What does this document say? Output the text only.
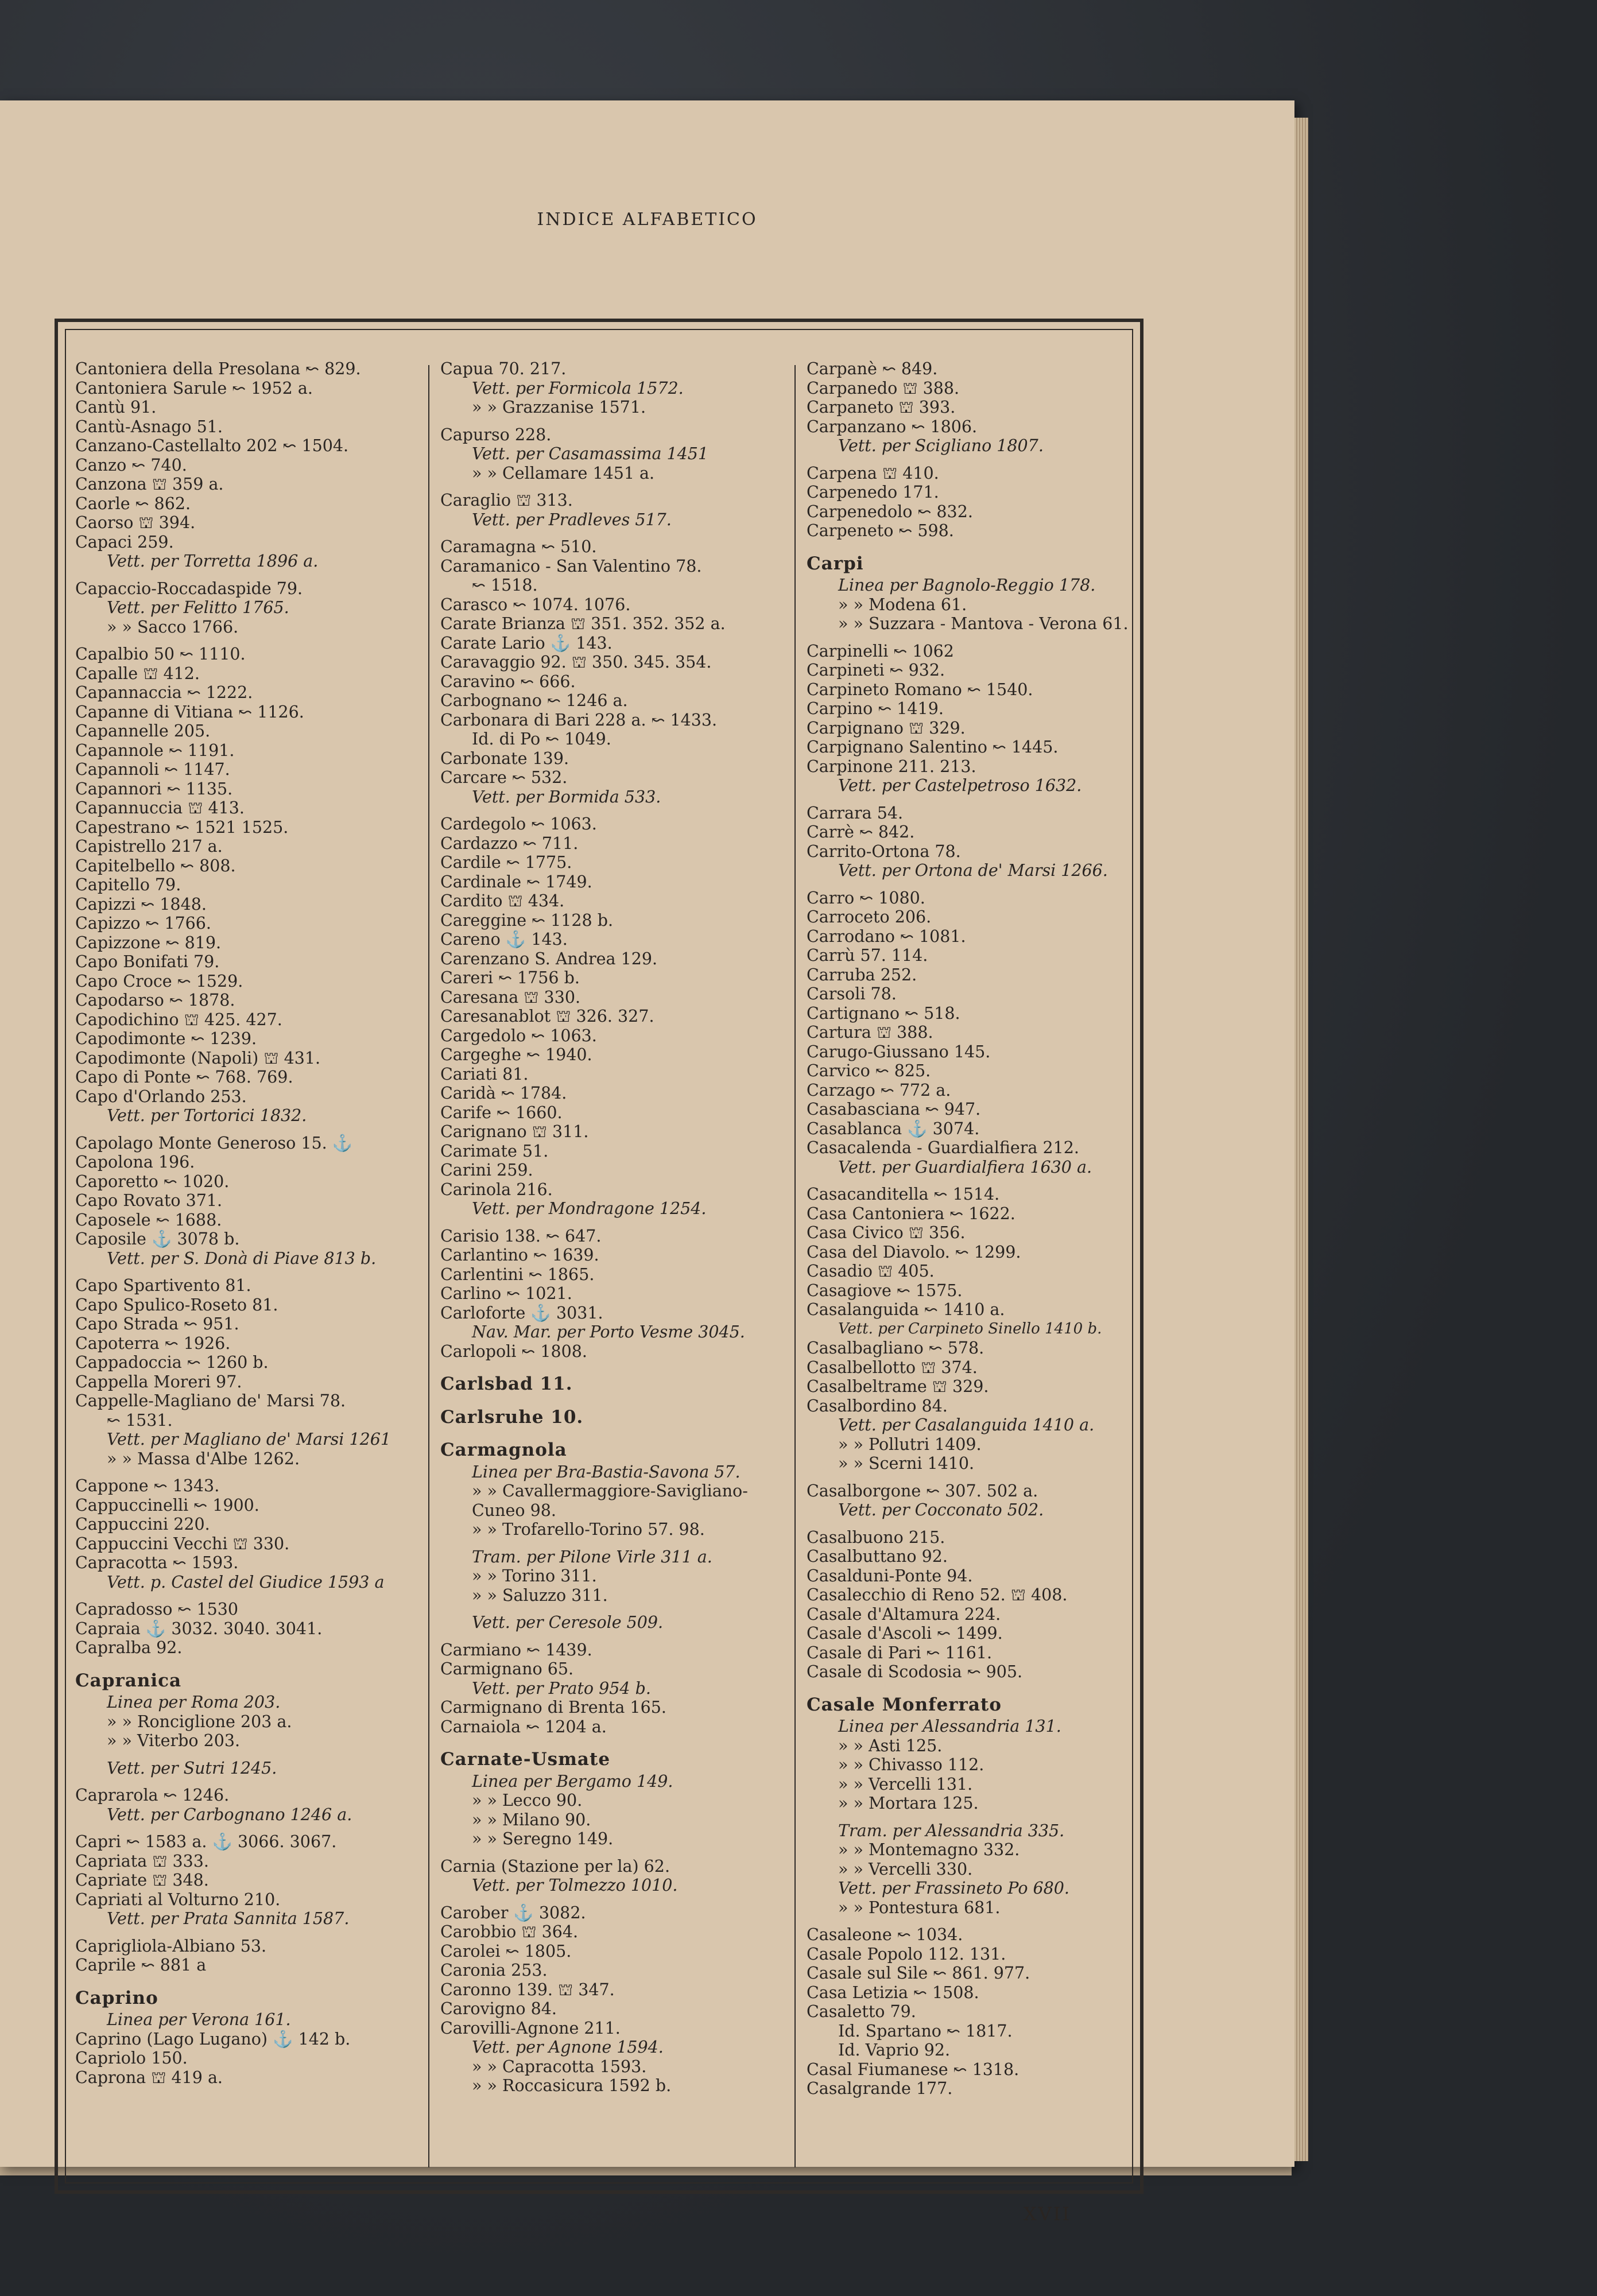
INDICE ALFABETICO
Cantoniera della Presolana ↜ 829.
Cantoniera Sarule ↜ 1952 a.
Cantù 91.
Cantù-Asnago 51.
Canzano-Castellalto 202 ↜ 1504.
Canzo ↜ 740.
Canzona ⛫ 359 a.
Caorle ↜ 862.
Caorso ⛫ 394.
Capaci 259.
Vett. per Torretta 1896 a.
Capaccio-Roccadaspide 79.
Vett. per Felitto 1765.
» » Sacco 1766.
Capalbio 50 ↜ 1110.
Capalle ⛫ 412.
Capannaccia ↜ 1222.
Capanne di Vitiana ↜ 1126.
Capannelle 205.
Capannole ↜ 1191.
Capannoli ↜ 1147.
Capannori ↜ 1135.
Capannuccia ⛫ 413.
Capestrano ↜ 1521 1525.
Capistrello 217 a.
Capitelbello ↜ 808.
Capitello 79.
Capizzi ↜ 1848.
Capizzo ↜ 1766.
Capizzone ↜ 819.
Capo Bonifati 79.
Capo Croce ↜ 1529.
Capodarso ↜ 1878.
Capodichino ⛫ 425. 427.
Capodimonte ↜ 1239.
Capodimonte (Napoli) ⛫ 431.
Capo di Ponte ↜ 768. 769.
Capo d'Orlando 253.
Vett. per Tortorici 1832.
Capolago Monte Generoso 15. ⚓
Capolona 196.
Caporetto ↜ 1020.
Capo Rovato 371.
Caposele ↜ 1688.
Caposile ⚓ 3078 b.
Vett. per S. Donà di Piave 813 b.
Capo Spartivento 81.
Capo Spulico-Roseto 81.
Capo Strada ↜ 951.
Capoterra ↜ 1926.
Cappadoccia ↜ 1260 b.
Cappella Moreri 97.
Cappelle-Magliano de' Marsi 78.
↜ 1531.
Vett. per Magliano de' Marsi 1261
» » Massa d'Albe 1262.
Cappone ↜ 1343.
Cappuccinelli ↜ 1900.
Cappuccini 220.
Cappuccini Vecchi ⛫ 330.
Capracotta ↜ 1593.
Vett. p. Castel del Giudice 1593 a
Capradosso ↜ 1530
Capraia ⚓ 3032. 3040. 3041.
Capralba 92.
Capranica
Linea per Roma 203.
» » Ronciglione 203 a.
» » Viterbo 203.
Vett. per Sutri 1245.
Caprarola ↜ 1246.
Vett. per Carbognano 1246 a.
Capri ↜ 1583 a. ⚓ 3066. 3067.
Capriata ⛫ 333.
Capriate ⛫ 348.
Capriati al Volturno 210.
Vett. per Prata Sannita 1587.
Caprigliola-Albiano 53.
Caprile ↜ 881 a
Caprino
Linea per Verona 161.
Caprino (Lago Lugano) ⚓ 142 b.
Capriolo 150.
Caprona ⛫ 419 a.
Capua 70. 217.
Vett. per Formicola 1572.
» » Grazzanise 1571.
Capurso 228.
Vett. per Casamassima 1451
» » Cellamare 1451 a.
Caraglio ⛫ 313.
Vett. per Pradleves 517.
Caramagna ↜ 510.
Caramanico - San Valentino 78.
↜ 1518.
Carasco ↜ 1074. 1076.
Carate Brianza ⛫ 351. 352. 352 a.
Carate Lario ⚓ 143.
Caravaggio 92. ⛫ 350. 345. 354.
Caravino ↜ 666.
Carbognano ↜ 1246 a.
Carbonara di Bari 228 a. ↜ 1433.
Id. di Po ↜ 1049.
Carbonate 139.
Carcare ↜ 532.
Vett. per Bormida 533.
Cardegolo ↜ 1063.
Cardazzo ↜ 711.
Cardile ↜ 1775.
Cardinale ↜ 1749.
Cardito ⛫ 434.
Careggine ↜ 1128 b.
Careno ⚓ 143.
Carenzano S. Andrea 129.
Careri ↜ 1756 b.
Caresana ⛫ 330.
Caresanablot ⛫ 326. 327.
Cargedolo ↜ 1063.
Cargeghe ↜ 1940.
Cariati 81.
Caridà ↜ 1784.
Carife ↜ 1660.
Carignano ⛫ 311.
Carimate 51.
Carini 259.
Carinola 216.
Vett. per Mondragone 1254.
Carisio 138. ↜ 647.
Carlantino ↜ 1639.
Carlentini ↜ 1865.
Carlino ↜ 1021.
Carloforte ⚓ 3031.
Nav. Mar. per Porto Vesme 3045.
Carlopoli ↜ 1808.
Carlsbad 11.
Carlsruhe 10.
Carmagnola
Linea per Bra-Bastia-Savona 57.
» » Cavallermaggiore-Savigliano-Cuneo 98.
» » Trofarello-Torino 57. 98.
Tram. per Pilone Virle 311 a.
» » Torino 311.
» » Saluzzo 311.
Vett. per Ceresole 509.
Carmiano ↜ 1439.
Carmignano 65.
Vett. per Prato 954 b.
Carmignano di Brenta 165.
Carnaiola ↜ 1204 a.
Carnate-Usmate
Linea per Bergamo 149.
» » Lecco 90.
» » Milano 90.
» » Seregno 149.
Carnia (Stazione per la) 62.
Vett. per Tolmezzo 1010.
Carober ⚓ 3082.
Carobbio ⛫ 364.
Carolei ↜ 1805.
Caronia 253.
Caronno 139. ⛫ 347.
Carovigno 84.
Carovilli-Agnone 211.
Vett. per Agnone 1594.
» » Capracotta 1593.
» » Roccasicura 1592 b.
Carpanè ↜ 849.
Carpanedo ⛫ 388.
Carpaneto ⛫ 393.
Carpanzano ↜ 1806.
Vett. per Scigliano 1807.
Carpena ⛫ 410.
Carpenedo 171.
Carpenedolo ↜ 832.
Carpeneto ↜ 598.
Carpi
Linea per Bagnolo-Reggio 178.
» » Modena 61.
» » Suzzara - Mantova - Verona 61.
Carpinelli ↜ 1062
Carpineti ↜ 932.
Carpineto Romano ↜ 1540.
Carpino ↜ 1419.
Carpignano ⛫ 329.
Carpignano Salentino ↜ 1445.
Carpinone 211. 213.
Vett. per Castelpetroso 1632.
Carrara 54.
Carrè ↜ 842.
Carrito-Ortona 78.
Vett. per Ortona de' Marsi 1266.
Carro ↜ 1080.
Carroceto 206.
Carrodano ↜ 1081.
Carrù 57. 114.
Carruba 252.
Carsoli 78.
Cartignano ↜ 518.
Cartura ⛫ 388.
Carugo-Giussano 145.
Carvico ↜ 825.
Carzago ↜ 772 a.
Casabasciana ↜ 947.
Casablanca ⚓ 3074.
Casacalenda - Guardialfiera 212.
Vett. per Guardialfiera 1630 a.
Casacanditella ↜ 1514.
Casa Cantoniera ↜ 1622.
Casa Civico ⛫ 356.
Casa del Diavolo. ↜ 1299.
Casadio ⛫ 405.
Casagiove ↜ 1575.
Casalanguida ↜ 1410 a.
Vett. per Carpineto Sinello 1410 b.
Casalbagliano ↜ 578.
Casalbellotto ⛫ 374.
Casalbeltrame ⛫ 329.
Casalbordino 84.
Vett. per Casalanguida 1410 a.
» » Pollutri 1409.
» » Scerni 1410.
Casalborgone ↜ 307. 502 a.
Vett. per Cocconato 502.
Casalbuono 215.
Casalbuttano 92.
Casalduni-Ponte 94.
Casalecchio di Reno 52. ⛫ 408.
Casale d'Altamura 224.
Casale d'Ascoli ↜ 1499.
Casale di Pari ↜ 1161.
Casale di Scodosia ↜ 905.
Casale Monferrato
Linea per Alessandria 131.
» » Asti 125.
» » Chivasso 112.
» » Vercelli 131.
» » Mortara 125.
Tram. per Alessandria 335.
» » Montemagno 332.
» » Vercelli 330.
Vett. per Frassineto Po 680.
» » Pontestura 681.
Casaleone ↜ 1034.
Casale Popolo 112. 131.
Casale sul Sile ↜ 861. 977.
Casa Letizia ↜ 1508.
Casaletto 79.
Id. Spartano ↜ 1817.
Id. Vaprio 92.
Casal Fiumanese ↜ 1318.
Casalgrande 177.
XVII
